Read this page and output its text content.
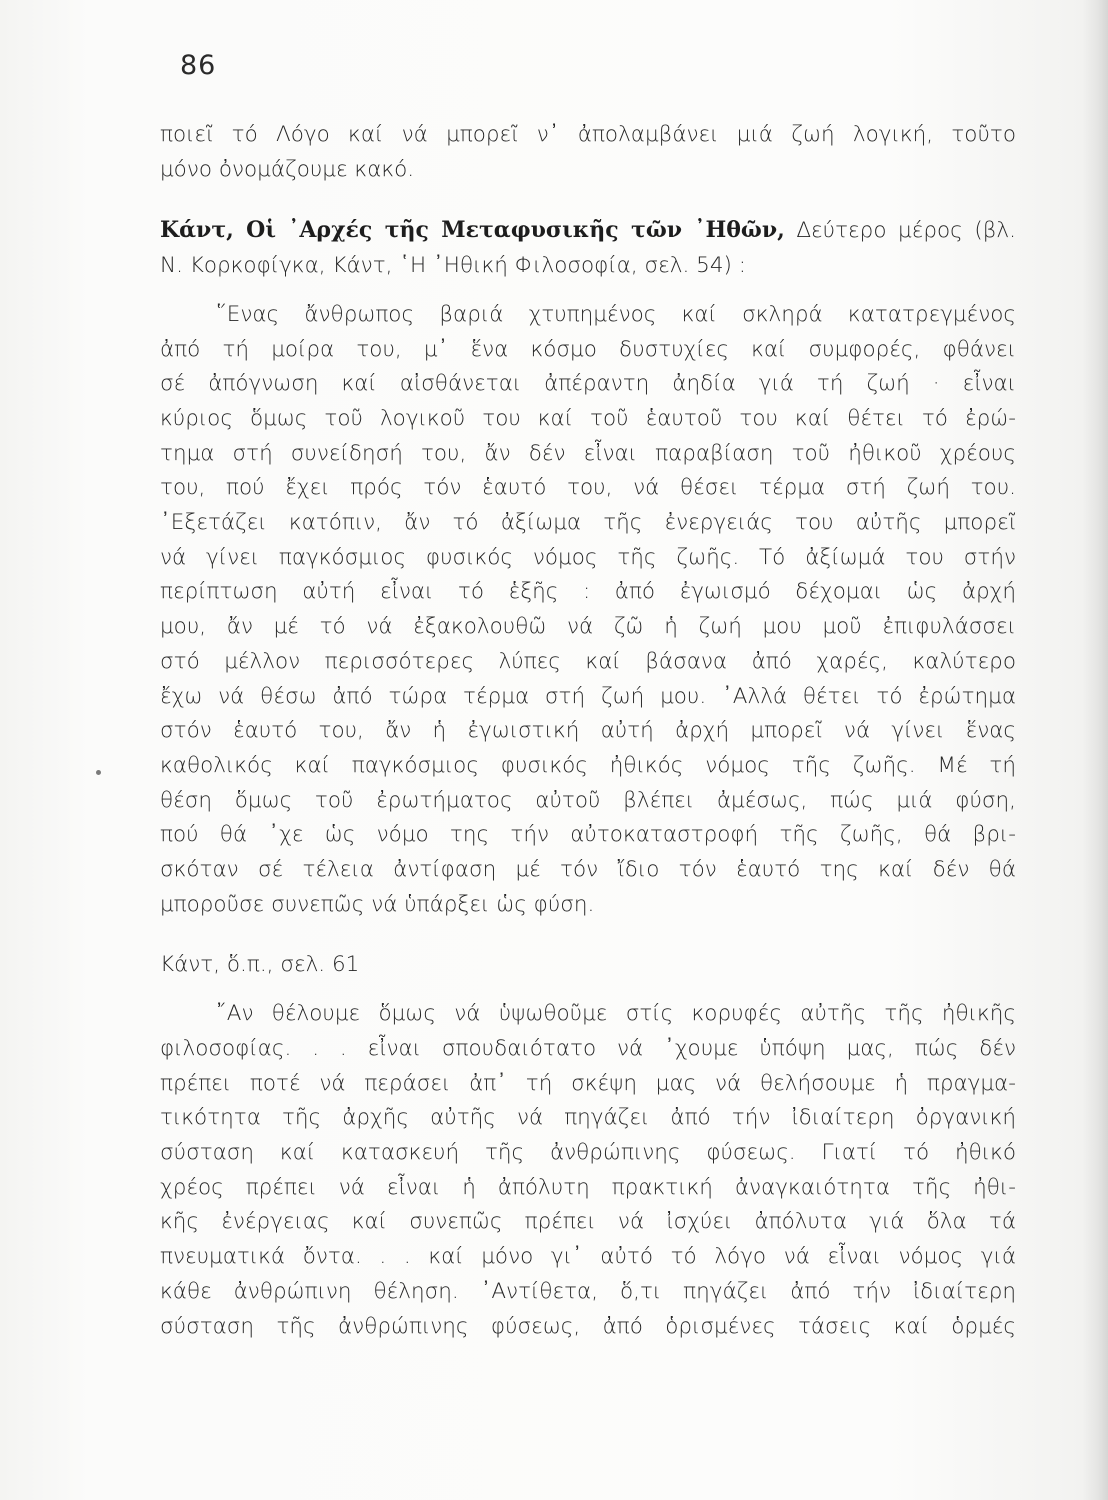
86
ποιεῖ τό Λόγο καί νά μπορεῖ ν᾽ ἀπολαμβάνει μιά ζωή λογική, τοῦτο
μόνο ὀνομάζουμε κακό.
Κάντ, Οἱ ᾽Αρχές τῆς Μεταφυσικῆς τῶν ᾽Ηθῶν, Δεύτερο μέρος (βλ.
Ν. Κορκοφίγκα, Κάντ, ῾Η ᾽Ηθική Φιλοσοφία, σελ. 54) :
῞Ενας ἄνθρωπος βαριά χτυπημένος καί σκληρά κατατρεγμένος
ἀπό τή μοίρα του, μ᾽ ἕνα κόσμο δυστυχίες καί συμφορές, φθάνει
σέ ἀπόγνωση καί αἰσθάνεται ἀπέραντη ἀηδία γιά τή ζωή · εἶναι
κύριος ὅμως τοῦ λογικοῦ του καί τοῦ ἑαυτοῦ του καί θέτει τό ἐρώ-
τημα στή συνείδησή του, ἄν δέν εἶναι παραβίαση τοῦ ἠθικοῦ χρέους
του, πού ἔχει πρός τόν ἑαυτό του, νά θέσει τέρμα στή ζωή του.
᾽Εξετάζει κατόπιν, ἄν τό ἀξίωμα τῆς ἐνεργειάς του αὐτῆς μπορεῖ
νά γίνει παγκόσμιος φυσικός νόμος τῆς ζωῆς. Τό ἀξίωμά του στήν
περίπτωση αὐτή εἶναι τό ἑξῆς : ἀπό ἐγωισμό δέχομαι ὡς ἀρχή
μου, ἄν μέ τό νά ἐξακολουθῶ νά ζῶ ἡ ζωή μου μοῦ ἐπιφυλάσσει
στό μέλλον περισσότερες λύπες καί βάσανα ἀπό χαρές, καλύτερο
ἔχω νά θέσω ἀπό τώρα τέρμα στή ζωή μου. ᾽Αλλά θέτει τό ἐρώτημα
στόν ἑαυτό του, ἄν ἡ ἐγωιστική αὐτή ἀρχή μπορεῖ νά γίνει ἕνας
καθολικός καί παγκόσμιος φυσικός ἠθικός νόμος τῆς ζωῆς. Μέ τή
θέση ὅμως τοῦ ἐρωτήματος αὐτοῦ βλέπει ἀμέσως, πώς μιά φύση,
πού θά ᾽χε ὡς νόμο της τήν αὐτοκαταστροφή τῆς ζωῆς, θά βρι-
σκόταν σέ τέλεια ἀντίφαση μέ τόν ἴδιο τόν ἑαυτό της καί δέν θά
μποροῦσε συνεπῶς νά ὑπάρξει ὡς φύση.
Κάντ, ὅ.π., σελ. 61
῎Αν θέλουμε ὅμως νά ὑψωθοῦμε στίς κορυφές αὐτῆς τῆς ἠθικῆς
φιλοσοφίας. . . εἶναι σπουδαιότατο νά ᾽χουμε ὑπόψη μας, πώς δέν
πρέπει ποτέ νά περάσει ἀπ᾽ τή σκέψη μας νά θελήσουμε ἡ πραγμα-
τικότητα τῆς ἀρχῆς αὐτῆς νά πηγάζει ἀπό τήν ἰδιαίτερη ὀργανική
σύσταση καί κατασκευή τῆς ἀνθρώπινης φύσεως. Γιατί τό ἠθικό
χρέος πρέπει νά εἶναι ἡ ἀπόλυτη πρακτική ἀναγκαιότητα τῆς ἠθι-
κῆς ἐνέργειας καί συνεπῶς πρέπει νά ἰσχύει ἀπόλυτα γιά ὅλα τά
πνευματικά ὄντα. . . καί μόνο γι᾽ αὐτό τό λόγο νά εἶναι νόμος γιά
κάθε ἀνθρώπινη θέληση. ᾽Αντίθετα, ὅ,τι πηγάζει ἀπό τήν ἰδιαίτερη
σύσταση τῆς ἀνθρώπινης φύσεως, ἀπό ὁρισμένες τάσεις καί ὁρμές
